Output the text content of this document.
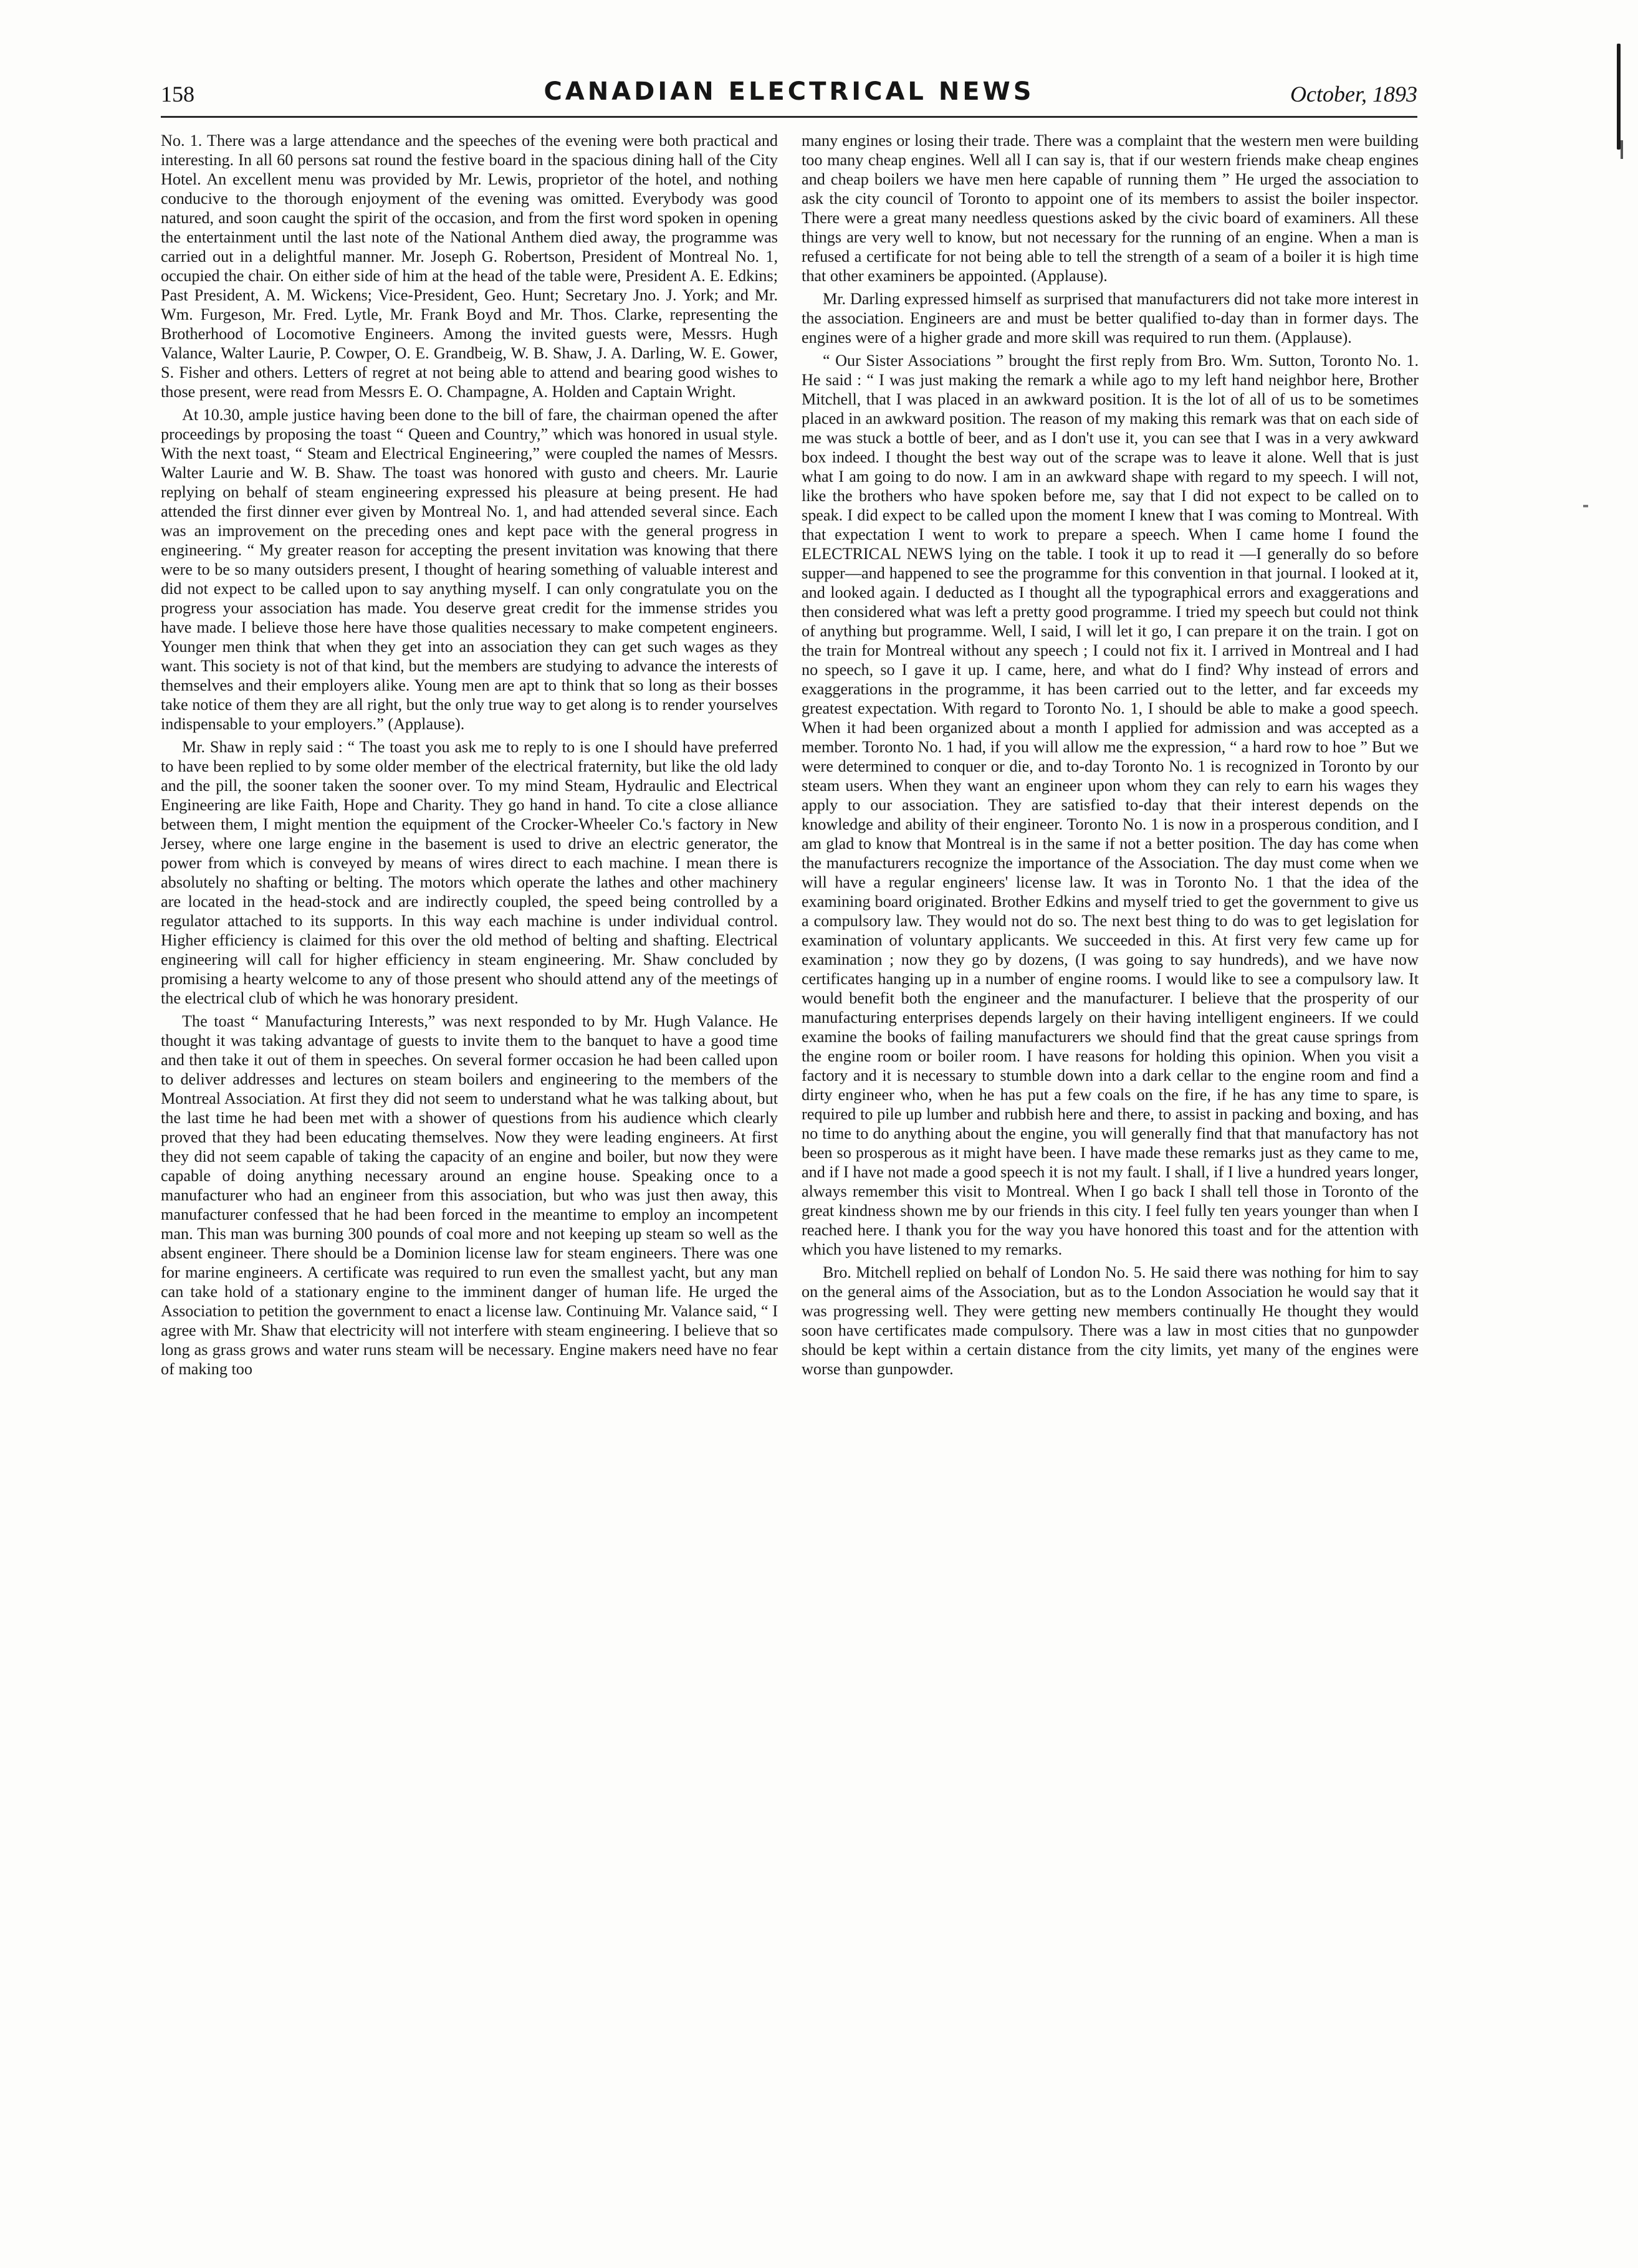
158	CANADIAN ELECTRICAL NEWS	October, 1893

No. 1. There was a large attendance and the speeches of the evening were both practical and interesting. In all 60 persons sat round the festive board in the spacious dining hall of the City Hotel. An excellent menu was provided by Mr. Lewis, proprietor of the hotel, and nothing conducive to the thorough enjoyment of the evening was omitted. Everybody was good natured, and soon caught the spirit of the occasion, and from the first word spoken in opening the entertainment until the last note of the National Anthem died away, the programme was carried out in a delightful manner. Mr. Joseph G. Robertson, President of Montreal No. 1, occupied the chair. On either side of him at the head of the table were, President A. E. Edkins; Past President, A. M. Wickens; Vice-President, Geo. Hunt; Secretary Jno. J. York; and Mr. Wm. Furgeson, Mr. Fred. Lytle, Mr. Frank Boyd and Mr. Thos. Clarke, representing the Brotherhood of Locomotive Engineers. Among the invited guests were, Messrs. Hugh Valance, Walter Laurie, P. Cowper, O. E. Grandbeig, W. B. Shaw, J. A. Darling, W. E. Gower, S. Fisher and others. Letters of regret at not being able to attend and bearing good wishes to those present, were read from Messrs E. O. Champagne, A. Holden and Captain Wright.

At 10.30, ample justice having been done to the bill of fare, the chairman opened the after proceedings by proposing the toast “ Queen and Country,” which was honored in usual style. With the next toast, “ Steam and Electrical Engineering,” were coupled the names of Messrs. Walter Laurie and W. B. Shaw. The toast was honored with gusto and cheers. Mr. Laurie replying on behalf of steam engineering expressed his pleasure at being present. He had attended the first dinner ever given by Montreal No. 1, and had attended several since. Each was an improvement on the preceding ones and kept pace with the general progress in engineering. “ My greater reason for accepting the present invitation was knowing that there were to be so many outsiders present, I thought of hearing something of valuable interest and did not expect to be called upon to say anything myself. I can only congratulate you on the progress your association has made. You deserve great credit for the immense strides you have made. I believe those here have those qualities necessary to make competent engineers. Younger men think that when they get into an association they can get such wages as they want. This society is not of that kind, but the members are studying to advance the interests of themselves and their employers alike. Young men are apt to think that so long as their bosses take notice of them they are all right, but the only true way to get along is to render yourselves indispensable to your employers.” (Applause).

Mr. Shaw in reply said : “ The toast you ask me to reply to is one I should have preferred to have been replied to by some older member of the electrical fraternity, but like the old lady and the pill, the sooner taken the sooner over. To my mind Steam, Hydraulic and Electrical Engineering are like Faith, Hope and Charity. They go hand in hand. To cite a close alliance between them, I might mention the equipment of the Crocker-Wheeler Co.'s factory in New Jersey, where one large engine in the basement is used to drive an electric generator, the power from which is conveyed by means of wires direct to each machine. I mean there is absolutely no shafting or belting. The motors which operate the lathes and other machinery are located in the head-stock and are indirectly coupled, the speed being controlled by a regulator attached to its supports. In this way each machine is under individual control. Higher efficiency is claimed for this over the old method of belting and shafting. Electrical engineering will call for higher efficiency in steam engineering. Mr. Shaw concluded by promising a hearty welcome to any of those present who should attend any of the meetings of the electrical club of which he was honorary president.

The toast “ Manufacturing Interests,” was next responded to by Mr. Hugh Valance. He thought it was taking advantage of guests to invite them to the banquet to have a good time and then take it out of them in speeches. On several former occasion he had been called upon to deliver addresses and lectures on steam boilers and engineering to the members of the Montreal Association. At first they did not seem to understand what he was talking about, but the last time he had been met with a shower of questions from his audience which clearly proved that they had been educating themselves. Now they were leading engineers. At first they did not seem capable of taking the capacity of an engine and boiler, but now they were capable of doing anything necessary around an engine house. Speaking once to a manufacturer who had an engineer from this association, but who was just then away, this manufacturer confessed that he had been forced in the meantime to employ an incompetent man. This man was burning 300 pounds of coal more and not keeping up steam so well as the absent engineer. There should be a Dominion license law for steam engineers. There was one for marine engineers. A certificate was required to run even the smallest yacht, but any man can take hold of a stationary engine to the imminent danger of human life. He urged the Association to petition the government to enact a license law. Continuing Mr. Valance said, “ I agree with Mr. Shaw that electricity will not interfere with steam engineering. I believe that so long as grass grows and water runs steam will be necessary. Engine makers need have no fear of making too

many engines or losing their trade. There was a complaint that the western men were building too many cheap engines. Well all I can say is, that if our western friends make cheap engines and cheap boilers we have men here capable of running them ” He urged the association to ask the city council of Toronto to appoint one of its members to assist the boiler inspector. There were a great many needless questions asked by the civic board of examiners. All these things are very well to know, but not necessary for the running of an engine. When a man is refused a certificate for not being able to tell the strength of a seam of a boiler it is high time that other examiners be appointed. (Applause).

Mr. Darling expressed himself as surprised that manufacturers did not take more interest in the association. Engineers are and must be better qualified to-day than in former days. The engines were of a higher grade and more skill was required to run them. (Applause).

“ Our Sister Associations ” brought the first reply from Bro. Wm. Sutton, Toronto No. 1. He said : “ I was just making the remark a while ago to my left hand neighbor here, Brother Mitchell, that I was placed in an awkward position. It is the lot of all of us to be sometimes placed in an awkward position. The reason of my making this remark was that on each side of me was stuck a bottle of beer, and as I don't use it, you can see that I was in a very awkward box indeed. I thought the best way out of the scrape was to leave it alone. Well that is just what I am going to do now. I am in an awkward shape with regard to my speech. I will not, like the brothers who have spoken before me, say that I did not expect to be called on to speak. I did expect to be called upon the moment I knew that I was coming to Montreal. With that expectation I went to work to prepare a speech. When I came home I found the ELECTRICAL NEWS lying on the table. I took it up to read it —I generally do so before supper—and happened to see the programme for this convention in that journal. I looked at it, and looked again. I deducted as I thought all the typographical errors and exaggerations and then considered what was left a pretty good programme. I tried my speech but could not think of anything but programme. Well, I said, I will let it go, I can prepare it on the train. I got on the train for Montreal without any speech ; I could not fix it. I arrived in Montreal and I had no speech, so I gave it up. I came, here, and what do I find? Why instead of errors and exaggerations in the programme, it has been carried out to the letter, and far exceeds my greatest expectation. With regard to Toronto No. 1, I should be able to make a good speech. When it had been organized about a month I applied for admission and was accepted as a member. Toronto No. 1 had, if you will allow me the expression, “ a hard row to hoe ” But we were determined to conquer or die, and to-day Toronto No. 1 is recognized in Toronto by our steam users. When they want an engineer upon whom they can rely to earn his wages they apply to our association. They are satisfied to-day that their interest depends on the knowledge and ability of their engineer. Toronto No. 1 is now in a prosperous condition, and I am glad to know that Montreal is in the same if not a better position. The day has come when the manufacturers recognize the importance of the Association. The day must come when we will have a regular engineers' license law. It was in Toronto No. 1 that the idea of the examining board originated. Brother Edkins and myself tried to get the government to give us a compulsory law. They would not do so. The next best thing to do was to get legislation for examination of voluntary applicants. We succeeded in this. At first very few came up for examination ; now they go by dozens, (I was going to say hundreds), and we have now certificates hanging up in a number of engine rooms. I would like to see a compulsory law. It would benefit both the engineer and the manufacturer. I believe that the prosperity of our manufacturing enterprises depends largely on their having intelligent engineers. If we could examine the books of failing manufacturers we should find that the great cause springs from the engine room or boiler room. I have reasons for holding this opinion. When you visit a factory and it is necessary to stumble down into a dark cellar to the engine room and find a dirty engineer who, when he has put a few coals on the fire, if he has any time to spare, is required to pile up lumber and rubbish here and there, to assist in packing and boxing, and has no time to do anything about the engine, you will generally find that that manufactory has not been so prosperous as it might have been. I have made these remarks just as they came to me, and if I have not made a good speech it is not my fault. I shall, if I live a hundred years longer, always remember this visit to Montreal. When I go back I shall tell those in Toronto of the great kindness shown me by our friends in this city. I feel fully ten years younger than when I reached here. I thank you for the way you have honored this toast and for the attention with which you have listened to my remarks.

Bro. Mitchell replied on behalf of London No. 5. He said there was nothing for him to say on the general aims of the Association, but as to the London Association he would say that it was progressing well. They were getting new members continually He thought they would soon have certificates made compulsory. There was a law in most cities that no gunpowder should be kept within a certain distance from the city limits, yet many of the engines were worse than gunpowder.
